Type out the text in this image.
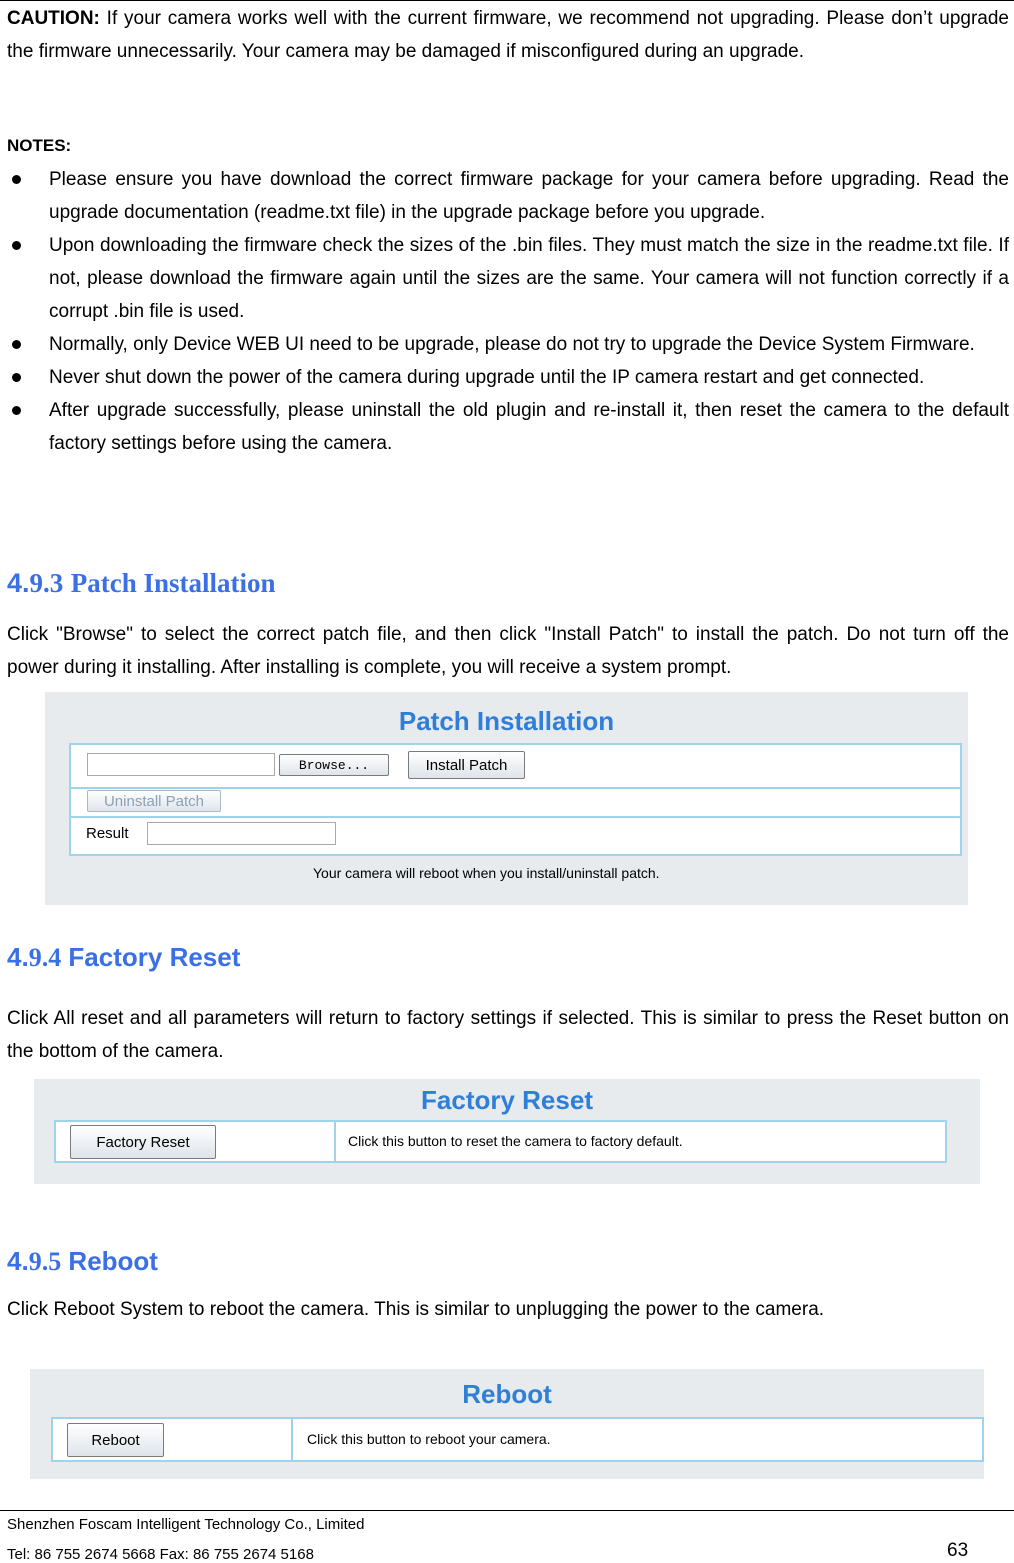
CAUTION: If your camera works well with the current firmware, we recommend not upgrading. Please don’t upgrade the firmware unnecessarily. Your camera may be damaged if misconfigured during an upgrade.

NOTES:

Please ensure you have download the correct firmware package for your camera before upgrading. Read the upgrade documentation (readme.txt file) in the upgrade package before you upgrade.
Upon downloading the firmware check the sizes of the .bin files. They must match the size in the readme.txt file. If not, please download the firmware again until the sizes are the same. Your camera will not function correctly if a corrupt .bin file is used.
Normally, only Device WEB UI need to be upgrade, please do not try to upgrade the Device System Firmware.
Never shut down the power of the camera during upgrade until the IP camera restart and get connected.
After upgrade successfully, please uninstall the old plugin and re-install it, then reset the camera to the default factory settings before using the camera.
4.9.3 Patch Installation

Click "Browse" to select the correct patch file, and then click "Install Patch" to install the patch. Do not turn off the power during it installing. After installing is complete, you will receive a system prompt.

Patch Installation
Browse...	Install Patch
Uninstall Patch
Result
Your camera will reboot when you install/uninstall patch.
4.9.4 Factory Reset

Click All reset and all parameters will return to factory settings if selected. This is similar to press the Reset button on the bottom of the camera.

Factory Reset
Factory Reset	Click this button to reset the camera to factory default.
4.9.5 Reboot

Click Reboot System to reboot the camera. This is similar to unplugging the power to the camera.

Reboot
Reboot	Click this button to reboot your camera.
Shenzhen Foscam Intelligent Technology Co., Limited
Tel: 86 755 2674 5668 Fax: 86 755 2674 5168	63
